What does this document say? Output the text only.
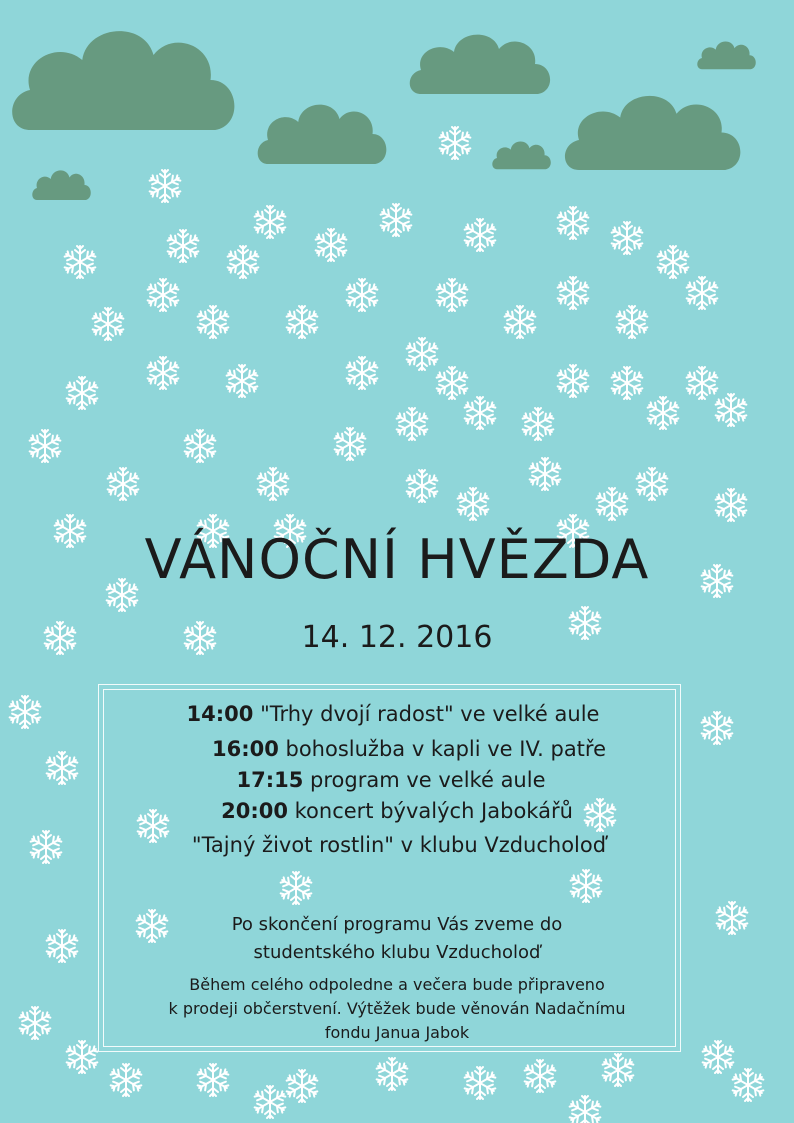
VÁNOČNÍ HVĚZDA
14. 12. 2016
14:00 "Trhy dvojí radost" ve velké aule
16:00 bohoslužba v kapli ve IV. patře
17:15 program ve velké aule
20:00 koncert bývalých Jabokářů
"Tajný život rostlin" v klubu Vzducholoď
Po skončení programu Vás zveme do
studentského klubu Vzducholoď
Během celého odpoledne a večera bude připraveno
k prodeji občerstvení. Výtěžek bude věnován Nadačnímu
fondu Janua Jabok
